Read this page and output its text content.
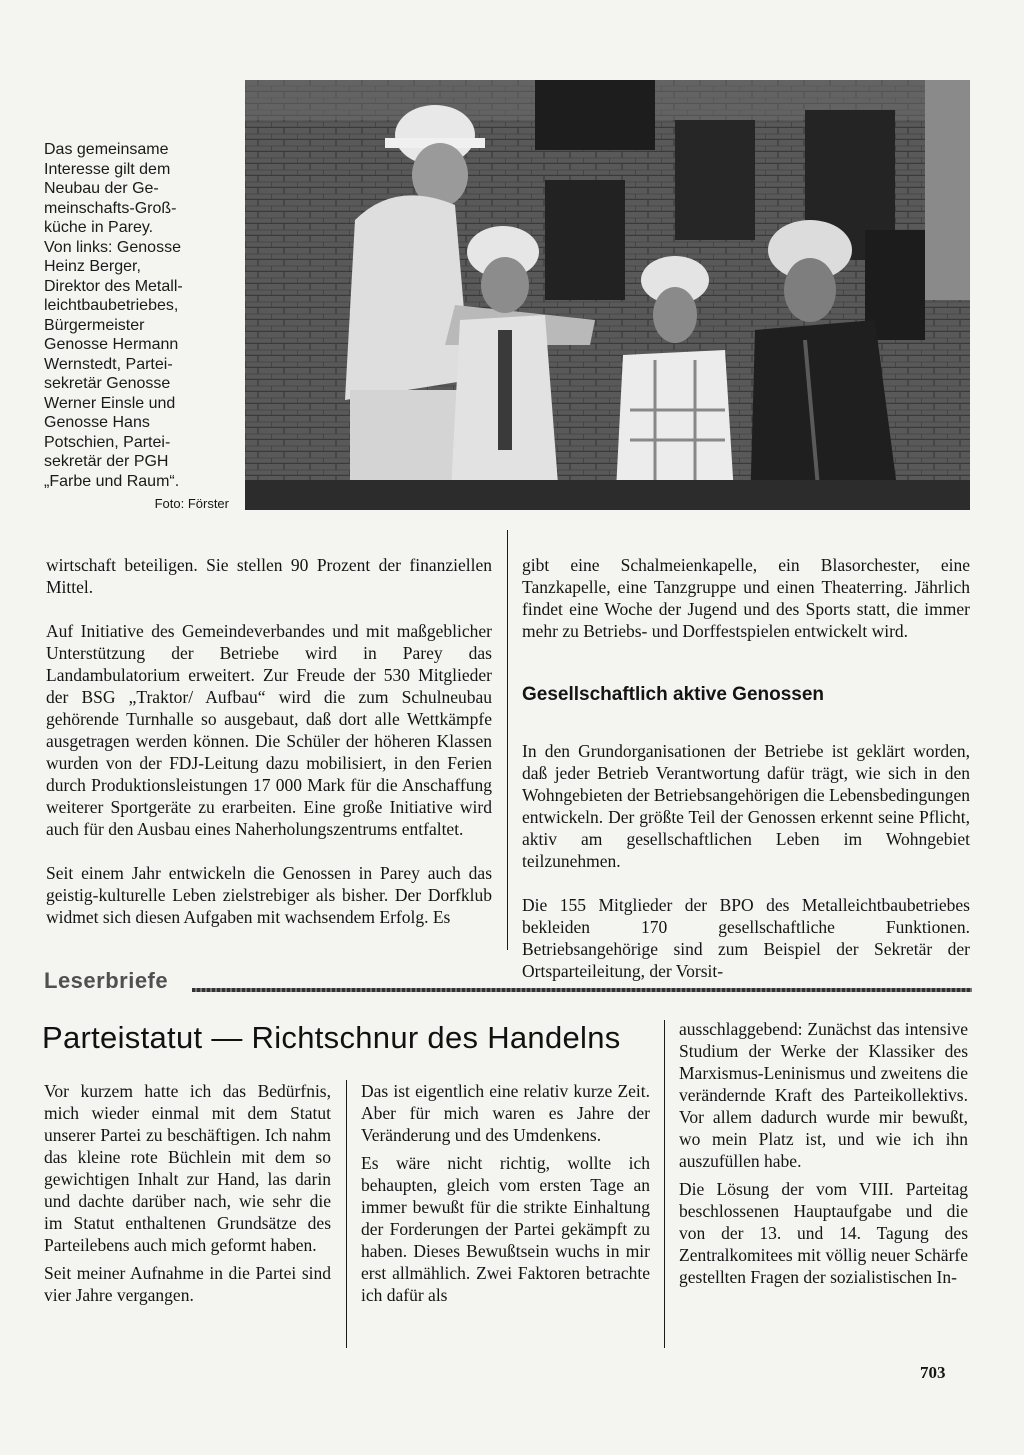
Das gemeinsame
Interesse gilt dem
Neubau der Ge-
meinschafts-Groß-
küche in Parey.
Von links: Genosse
Heinz Berger,
Direktor des Metall-
leichtbaubetriebes,
Bürgermeister
Genosse Hermann
Wernstedt, Partei-
sekretär Genosse
Werner Einsle und
Genosse Hans
Potschien, Partei-
sekretär der PGH
„Farbe und Raum“.
Foto: Förster

wirtschaft beteiligen. Sie stellen 90 Prozent der finanziellen Mittel.

Auf Initiative des Gemeindeverbandes und mit maßgeblicher Unterstützung der Betriebe wird in Parey das Landambulatorium erweitert. Zur Freude der 530 Mitglieder der BSG „Traktor/ Aufbau“ wird die zum Schulneubau gehörende Turnhalle so ausgebaut, daß dort alle Wettkämpfe ausgetragen werden können. Die Schüler der höheren Klassen wurden von der FDJ-Leitung dazu mobilisiert, in den Ferien durch Produktionsleistungen 17 000 Mark für die Anschaffung weiterer Sportgeräte zu erarbeiten. Eine große Initiative wird auch für den Ausbau eines Naherholungszentrums entfaltet.

Seit einem Jahr entwickeln die Genossen in Parey auch das geistig-kulturelle Leben zielstrebiger als bisher. Der Dorfklub widmet sich diesen Aufgaben mit wachsendem Erfolg. Es

gibt eine Schalmeienkapelle, ein Blasorchester, eine Tanzkapelle, eine Tanzgruppe und einen Theaterring. Jährlich findet eine Woche der Jugend und des Sports statt, die immer mehr zu Betriebs- und Dorffestspielen entwickelt wird.

Gesellschaftlich aktive Genossen

In den Grundorganisationen der Betriebe ist geklärt worden, daß jeder Betrieb Verantwortung dafür trägt, wie sich in den Wohngebieten der Betriebsangehörigen die Lebensbedingungen entwickeln. Der größte Teil der Genossen erkennt seine Pflicht, aktiv am gesellschaftlichen Leben im Wohngebiet teilzunehmen.

Die 155 Mitglieder der BPO des Metalleichtbaubetriebes bekleiden 170 gesellschaftliche Funktionen. Betriebsangehörige sind zum Beispiel der Sekretär der Ortsparteileitung, der Vorsit-

Leserbriefe
Parteistatut — Richtschnur des Handelns

Vor kurzem hatte ich das Bedürfnis, mich wieder einmal mit dem Statut unserer Partei zu beschäftigen. Ich nahm das kleine rote Büchlein mit dem so gewichtigen Inhalt zur Hand, las darin und dachte darüber nach, wie sehr die im Statut enthaltenen Grundsätze des Parteilebens auch mich geformt haben.

Seit meiner Aufnahme in die Partei sind vier Jahre vergangen.

Das ist eigentlich eine relativ kurze Zeit. Aber für mich waren es Jahre der Veränderung und des Umdenkens.

Es wäre nicht richtig, wollte ich behaupten, gleich vom ersten Tage an immer bewußt für die strikte Einhaltung der Forderungen der Partei gekämpft zu haben. Dieses Bewußtsein wuchs in mir erst allmählich. Zwei Faktoren betrachte ich dafür als

ausschlaggebend: Zunächst das intensive Studium der Werke der Klassiker des Marxismus-Leninismus und zweitens die verändernde Kraft des Parteikollektivs. Vor allem dadurch wurde mir bewußt, wo mein Platz ist, und wie ich ihn auszufüllen habe.

Die Lösung der vom VIII. Parteitag beschlossenen Hauptaufgabe und die von der 13. und 14. Tagung des Zentralkomitees mit völlig neuer Schärfe gestellten Fragen der sozialistischen In-

703
